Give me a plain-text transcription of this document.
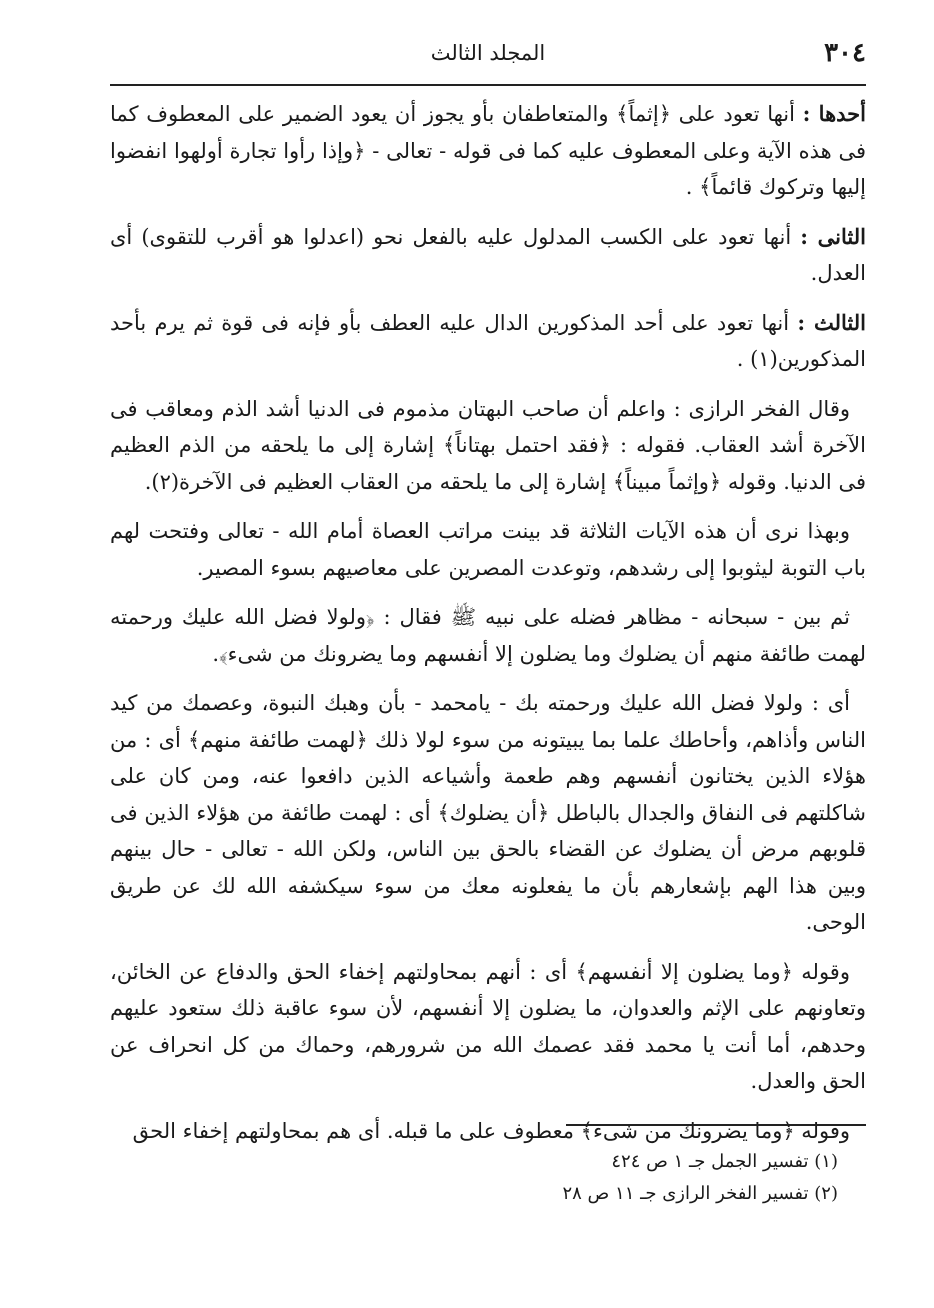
٣٠٤
المجلد الثالث

أحدها : أنها تعود على ﴿إثماً﴾ والمتعاطفان بأو يجوز أن يعود الضمير على المعطوف كما فى هذه الآية وعلى المعطوف عليه كما فى قوله - تعالى - ﴿وإذا رأوا تجارة أولهوا انفضوا إليها وتركوك قائماً﴾ .

الثانى : أنها تعود على الكسب المدلول عليه بالفعل نحو (اعدلوا هو أقرب للتقوى) أى العدل.

الثالث : أنها تعود على أحد المذكورين الدال عليه العطف بأو فإنه فى قوة ثم يرم بأحد المذكورين(١) .

وقال الفخر الرازى : واعلم أن صاحب البهتان مذموم فى الدنيا أشد الذم ومعاقب فى الآخرة أشد العقاب. فقوله : ﴿فقد احتمل بهتاناً﴾ إشارة إلى ما يلحقه من الذم العظيم فى الدنيا. وقوله ﴿وإثماً مبيناً﴾ إشارة إلى ما يلحقه من العقاب العظيم فى الآخرة(٢).

وبهذا نرى أن هذه الآيات الثلاثة قد بينت مراتب العصاة أمام الله - تعالى وفتحت لهم باب التوبة ليثوبوا إلى رشدهم، وتوعدت المصرين على معاصيهم بسوء المصير.

ثم بين - سبحانه - مظاهر فضله على نبيه ﷺ فقال : ﴿ولولا فضل الله عليك ورحمته لهمت طائفة منهم أن يضلوك وما يضلون إلا أنفسهم وما يضرونك من شىء﴾.

أى : ولولا فضل الله عليك ورحمته بك - يامحمد - بأن وهبك النبوة، وعصمك من كيد الناس وأذاهم، وأحاطك علما بما يبيتونه من سوء لولا ذلك ﴿لهمت طائفة منهم﴾ أى : من هؤلاء الذين يختانون أنفسهم وهم طعمة وأشياعه الذين دافعوا عنه، ومن كان على شاكلتهم فى النفاق والجدال بالباطل ﴿أن يضلوك﴾ أى : لهمت طائفة من هؤلاء الذين فى قلوبهم مرض أن يضلوك عن القضاء بالحق بين الناس، ولكن الله - تعالى - حال بينهم وبين هذا الهم بإشعارهم بأن ما يفعلونه معك من سوء سيكشفه الله لك عن طريق الوحى.

وقوله ﴿وما يضلون إلا أنفسهم﴾ أى : أنهم بمحاولتهم إخفاء الحق والدفاع عن الخائن، وتعاونهم على الإثم والعدوان، ما يضلون إلا أنفسهم، لأن سوء عاقبة ذلك ستعود عليهم وحدهم، أما أنت يا محمد فقد عصمك الله من شرورهم، وحماك من كل انحراف عن الحق والعدل.

وقوله ﴿وما يضرونك من شىء﴾ معطوف على ما قبله. أى هم بمحاولتهم إخفاء الحق

(١) تفسير الجمل جـ ١ ص ٤٢٤
(٢) تفسير الفخر الرازى جـ ١١ ص ٢٨
